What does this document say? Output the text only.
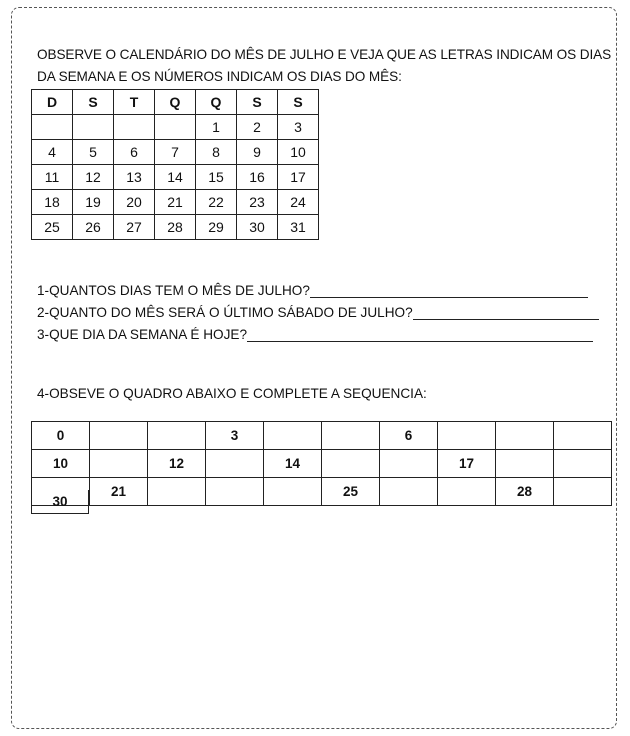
OBSERVE O CALENDÁRIO DO MÊS DE JULHO E VEJA QUE AS LETRAS INDICAM OS DIAS
DA SEMANA E OS NÚMEROS INDICAM OS DIAS DO MÊS:
D	S	T	Q	Q	S	S
				1	2	3
4	5	6	7	8	9	10
11	12	13	14	15	16	17
18	19	20	21	22	23	24
25	26	27	28	29	30	31
1-QUANTOS DIAS TEM O MÊS DE JULHO?
2-QUANTO DO MÊS SERÁ O ÚLTIMO SÁBADO DE JULHO?
3-QUE DIA DA SEMANA É HOJE?
4-OBSEVE O QUADRO ABAIXO E COMPLETE A SEQUENCIA:
0			3			6			
10		12		14			17		
	21				25			28	
30
